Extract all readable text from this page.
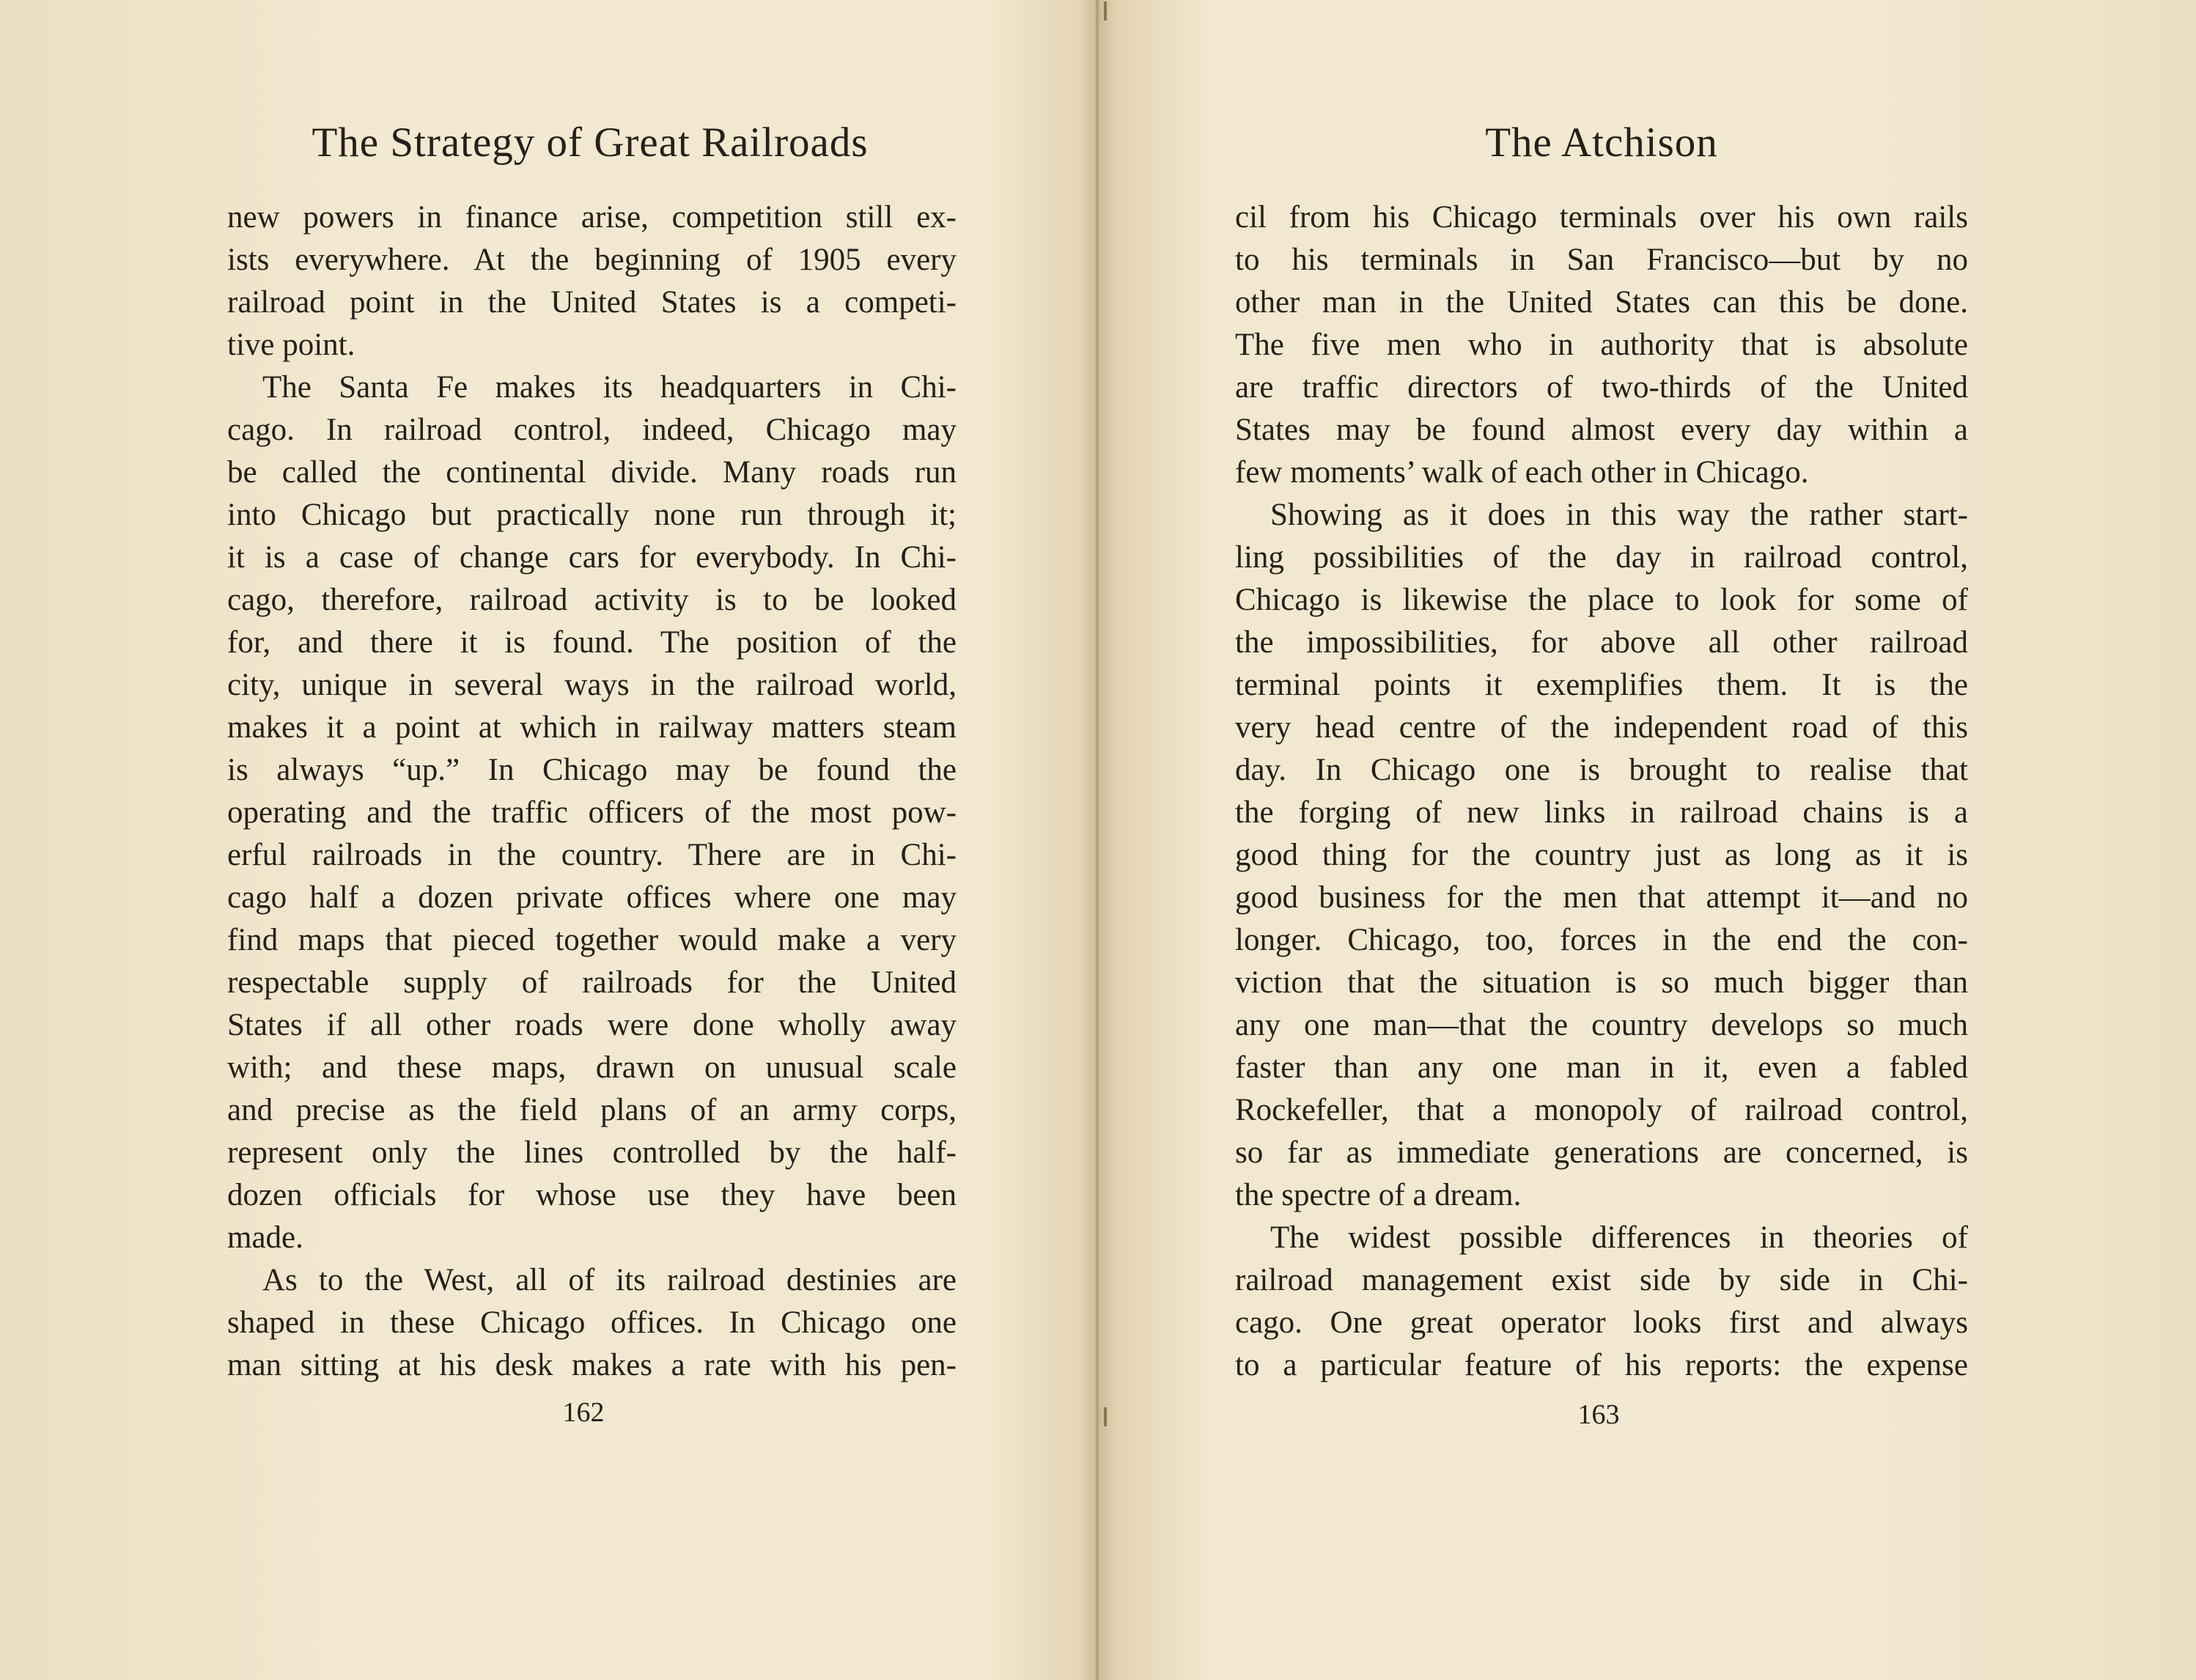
The Strategy of Great Railroads
new powers in finance arise, competition still ex-
ists everywhere. At the beginning of 1905 every
railroad point in the United States is a competi-
tive point.
The Santa Fe makes its headquarters in Chi-
cago. In railroad control, indeed, Chicago may
be called the continental divide. Many roads run
into Chicago but practically none run through it;
it is a case of change cars for everybody. In Chi-
cago, therefore, railroad activity is to be looked
for, and there it is found. The position of the
city, unique in several ways in the railroad world,
makes it a point at which in railway matters steam
is always “up.” In Chicago may be found the
operating and the traffic officers of the most pow-
erful railroads in the country. There are in Chi-
cago half a dozen private offices where one may
find maps that pieced together would make a very
respectable supply of railroads for the United
States if all other roads were done wholly away
with; and these maps, drawn on unusual scale
and precise as the field plans of an army corps,
represent only the lines controlled by the half-
dozen officials for whose use they have been
made.
As to the West, all of its railroad destinies are
shaped in these Chicago offices. In Chicago one
man sitting at his desk makes a rate with his pen-
162
The Atchison
cil from his Chicago terminals over his own rails
to his terminals in San Francisco—but by no
other man in the United States can this be done.
The five men who in authority that is absolute
are traffic directors of two-thirds of the United
States may be found almost every day within a
few moments’ walk of each other in Chicago.
Showing as it does in this way the rather start-
ling possibilities of the day in railroad control,
Chicago is likewise the place to look for some of
the impossibilities, for above all other railroad
terminal points it exemplifies them. It is the
very head centre of the independent road of this
day. In Chicago one is brought to realise that
the forging of new links in railroad chains is a
good thing for the country just as long as it is
good business for the men that attempt it—and no
longer. Chicago, too, forces in the end the con-
viction that the situation is so much bigger than
any one man—that the country develops so much
faster than any one man in it, even a fabled
Rockefeller, that a monopoly of railroad control,
so far as immediate generations are concerned, is
the spectre of a dream.
The widest possible differences in theories of
railroad management exist side by side in Chi-
cago. One great operator looks first and always
to a particular feature of his reports: the expense
163
